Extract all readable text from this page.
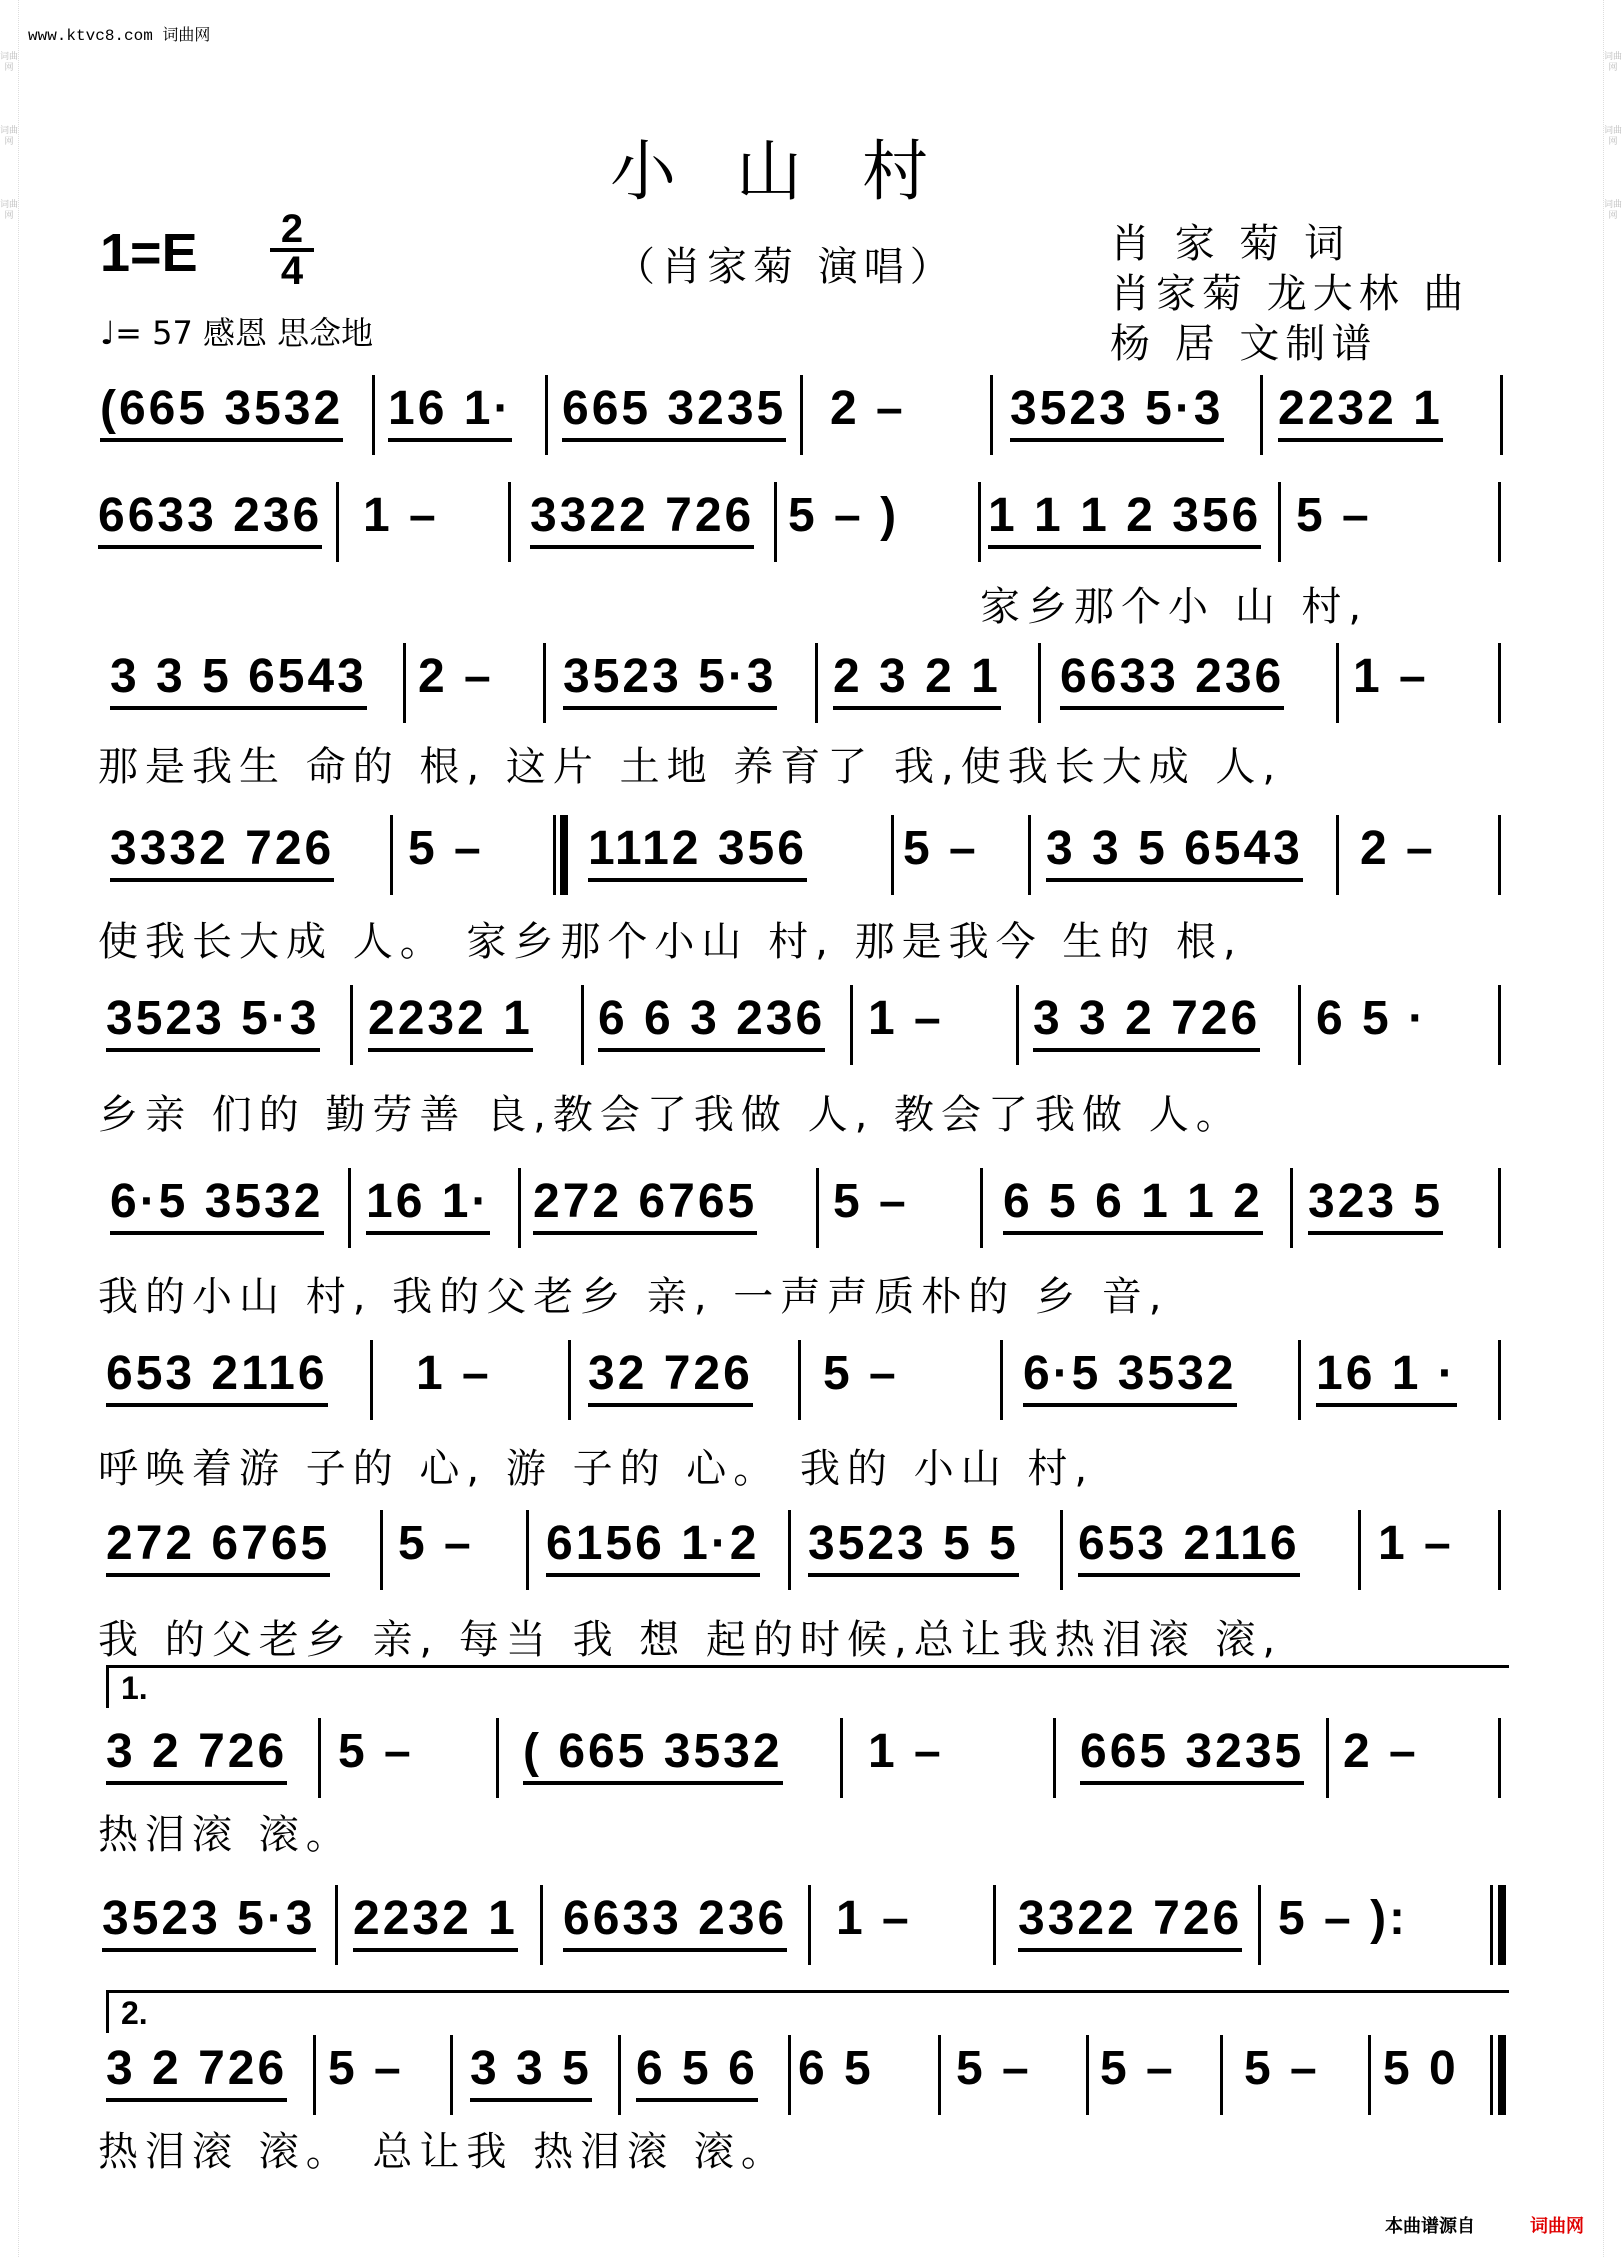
词曲网
词曲网
词曲网
词曲网
词曲网
词曲网
www.ktvc8.com 词曲网
小山村
$1=E \frac{2}{4}$	（肖家菊 演唱）	肖 家 菊 词
肖家菊 龙大林 曲
杨 居 文制谱
♩= 57 感恩 思念地
(665 3532 16 1· 665 3235 2 – 3523 5·3 2232 1
6633 236 1 – 3322 726 5 – ) 1 1 1 2 356 5 –
家乡那个小 山 村,
3 3 5 6543 2 – 3523 5·3 2 3 2 1 6633 236 1 –
那是我生 命的 根, 这片 土地 养育了 我,使我长大成 人,
3332 726 5 – 1112 356 5 – 3 3 5 6543 2 –
使我长大成 人。 家乡那个小山 村, 那是我今 生的 根,
3523 5·3 2232 1 6 6 3 236 1 – 3 3 2 726 6 5 ·
乡亲 们的 勤劳善 良,教会了我做 人, 教会了我做 人。
6·5 3532 16 1· 272 6765 5 – 6 5 6 1 1 2 323 5
我的小山 村, 我的父老乡 亲, 一声声质朴的 乡 音,
653 2116 1 – 32 726 5 –	6·5 3532 16 1 ·
呼唤着游 子的 心, 游 子的 心。 我的 小山 村,
272 6765 5 – 6156 1·2 3523 5 5 653 2116 1 –
我 的父老乡 亲, 每当 我 想 起的时候,总让我热泪滚 滚,
1.
3 2 726 5 – ( 665 3532 1 –	665 3235 2 –
热泪滚 滚。
3523 5·3 2232 1 6633 236 1 – 3322 726 5 – ):
2.
3 2 726 5 – 3 3 5 6 5 6 6 5 5 – 5 – 5 – 5 0
热泪滚 滚。 总让我 热泪滚 滚。
本曲谱源自	词曲网
